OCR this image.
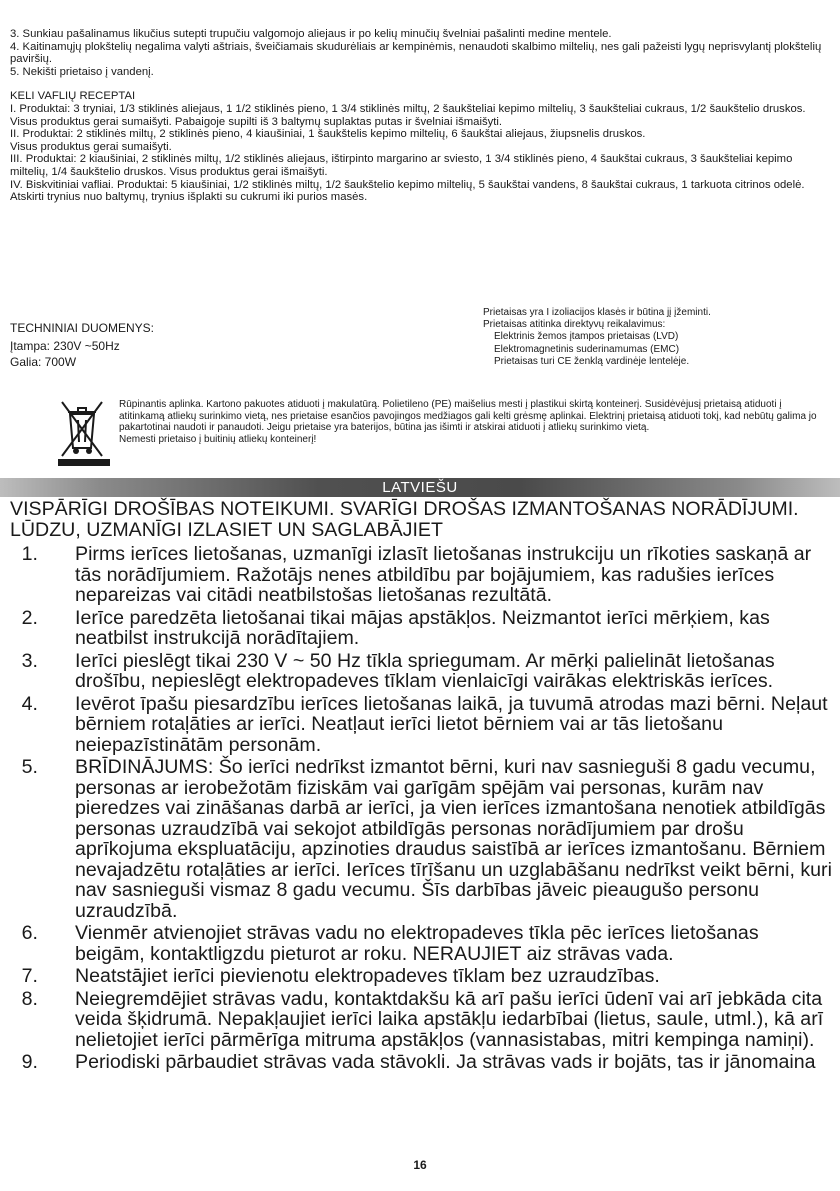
3. Sunkiau pašalinamus likučius sutepti trupučiu valgomojo aliejaus ir po kelių minučių švelniai pašalinti medine mentele.

4. Kaitinamųjų plokštelių negalima valyti aštriais, šveičiamais skudurėliais ar kempinėmis, nenaudoti skalbimo miltelių, nes gali pažeisti lygų neprisvylantį plokštelių paviršių.

5. Nekišti prietaiso į vandenį.

KELI VAFLIŲ RECEPTAI

I. Produktai: 3 tryniai, 1/3 stiklinės aliejaus, 1 1/2 stiklinės pieno, 1 3/4 stiklinės miltų, 2 šaukšteliai kepimo miltelių, 3 šaukšteliai cukraus, 1/2 šaukštelio druskos.

Visus produktus gerai sumaišyti. Pabaigoje supilti iš 3 baltymų suplaktas putas ir švelniai išmaišyti.

II. Produktai: 2 stiklinės miltų, 2 stiklinės pieno, 4 kiaušiniai, 1 šaukštelis kepimo miltelių, 6 šaukštai aliejaus, žiupsnelis druskos.

Visus produktus gerai sumaišyti.

III. Produktai: 2 kiaušiniai, 2 stiklinės miltų, 1/2 stiklinės aliejaus, ištirpinto margarino ar sviesto, 1 3/4 stiklinės pieno, 4 šaukštai cukraus, 3 šaukšteliai kepimo miltelių, 1/4 šaukštelio druskos. Visus produktus gerai išmaišyti.

IV. Biskvitiniai vafliai. Produktai: 5 kiaušiniai, 1/2 stiklinės miltų, 1/2 šaukštelio kepimo miltelių, 5 šaukštai vandens, 8 šaukštai cukraus, 1 tarkuota citrinos odelė.

Atskirti trynius nuo baltymų, trynius išplakti su cukrumi iki purios masės.

TECHNINIAI DUOMENYS:

Įtampa: 230V ~50Hz

Galia: 700W

Prietaisas yra I izoliacijos klasės ir būtina jį įžeminti.

Prietaisas atitinka direktyvų reikalavimus:

Elektrinis žemos įtampos prietaisas (LVD)

Elektromagnetinis suderinamumas (EMC)

Prietaisas turi CE ženklą vardinėje lentelėje.

Rūpinantis aplinka. Kartono pakuotes atiduoti į makulatūrą. Polietileno (PE) maišelius mesti į plastikui skirtą konteinerį. Susidėvėjusį prietaisą atiduoti į atitinkamą atliekų surinkimo vietą, nes prietaise esančios pavojingos medžiagos gali kelti grėsmę aplinkai. Elektrinį prietaisą atiduoti tokį, kad nebūtų galima jo pakartotinai naudoti ir panaudoti. Jeigu prietaise yra baterijos, būtina jas išimti ir atskirai atiduoti į atliekų surinkimo vietą.

Nemesti prietaiso į buitinių atliekų konteinerį!

LATVIEŠU

VISPĀRĪGI DROŠĪBAS NOTEIKUMI. SVARĪGI DROŠAS IZMANTOŠANAS NORĀDĪJUMI. LŪDZU, UZMANĪGI IZLASIET UN SAGLABĀJIET

1. Pirms ierīces lietošanas, uzmanīgi izlasīt lietošanas instrukciju un rīkoties saskaņā ar tās norādījumiem. Ražotājs nenes atbildību par bojājumiem, kas radušies ierīces nepareizas vai citādi neatbilstošas lietošanas rezultātā.
2. Ierīce paredzēta lietošanai tikai mājas apstākļos. Neizmantot ierīci mērķiem, kas neatbilst instrukcijā norādītajiem.
3. Ierīci pieslēgt tikai 230 V ~ 50 Hz tīkla spriegumam. Ar mērķi palielināt lietošanas drošību, nepieslēgt elektropadeves tīklam vienlaicīgi vairākas elektriskās ierīces.
4. Ievērot īpašu piesardzību ierīces lietošanas laikā, ja tuvumā atrodas mazi bērni. Neļaut bērniem rotaļāties ar ierīci. Neatļaut ierīci lietot bērniem vai ar tās lietošanu neiepazīstinātām personām.
5. BRĪDINĀJUMS: Šo ierīci nedrīkst izmantot bērni, kuri nav sasnieguši 8 gadu vecumu, personas ar ierobežotām fiziskām vai garīgām spējām vai personas, kurām nav pieredzes vai zināšanas darbā ar ierīci, ja vien ierīces izmantošana nenotiek atbildīgās personas uzraudzībā vai sekojot atbildīgās personas norādījumiem par drošu aprīkojuma ekspluatāciju, apzinoties draudus saistībā ar ierīces izmantošanu. Bērniem nevajadzētu rotaļāties ar ierīci. Ierīces tīrīšanu un uzglabāšanu nedrīkst veikt bērni, kuri nav sasnieguši vismaz 8 gadu vecumu. Šīs darbības jāveic pieaugušo personu uzraudzībā.
6. Vienmēr atvienojiet strāvas vadu no elektropadeves tīkla pēc ierīces lietošanas beigām, kontaktligzdu pieturot ar roku. NERAUJIET aiz strāvas vada.
7. Neatstājiet ierīci pievienotu elektropadeves tīklam bez uzraudzības.
8. Neiegremdējiet strāvas vadu, kontaktdakšu kā arī pašu ierīci ūdenī vai arī jebkāda cita veida šķidrumā. Nepakļaujiet ierīci laika apstākļu iedarbībai (lietus, saule, utml.), kā arī nelietojiet ierīci pārmērīga mitruma apstākļos (vannasistabas, mitri kempinga namiņi).
9. Periodiski pārbaudiet strāvas vada stāvokli. Ja strāvas vads ir bojāts, tas ir jānomaina
16
